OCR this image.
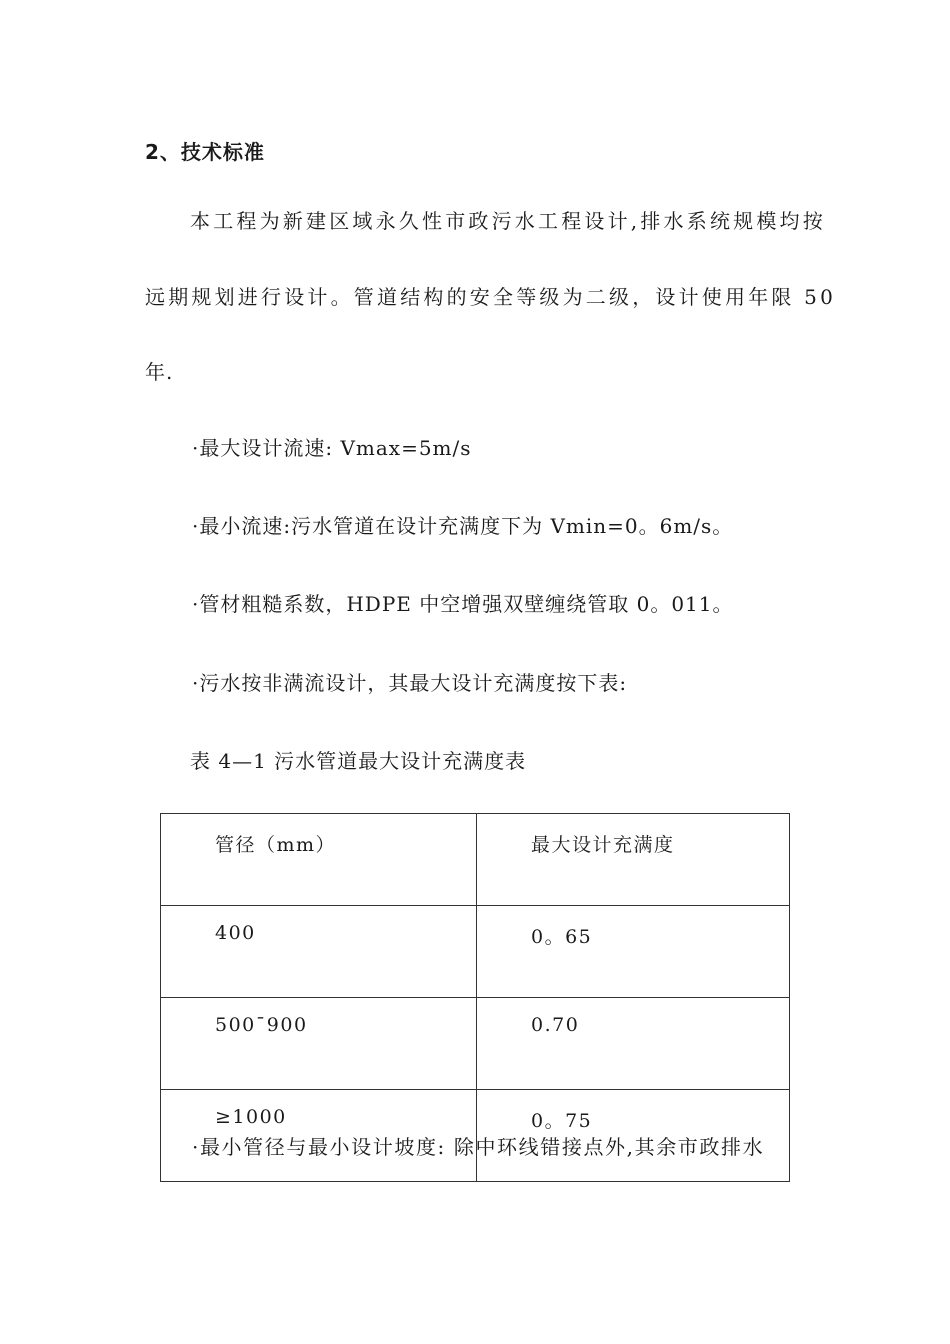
2、技术标准
本工程为新建区域永久性市政污水工程设计,排水系统规模均按
远期规划进行设计。管道结构的安全等级为二级，设计使用年限 50
年.
·最大设计流速: Vmax=5m/s
·最小流速:污水管道在设计充满度下为 Vmin=0。6m/s。
·管材粗糙系数，HDPE 中空增强双壁缠绕管取 0。011。
·污水按非满流设计，其最大设计充满度按下表:
表 4—1 污水管道最大设计充满度表
管径（mm）	最大设计充满度
400	0。65
500¯900	0.70
≥1000	0。75
·最小管径与最小设计坡度: 除中环线错接点外,其余市政排水
